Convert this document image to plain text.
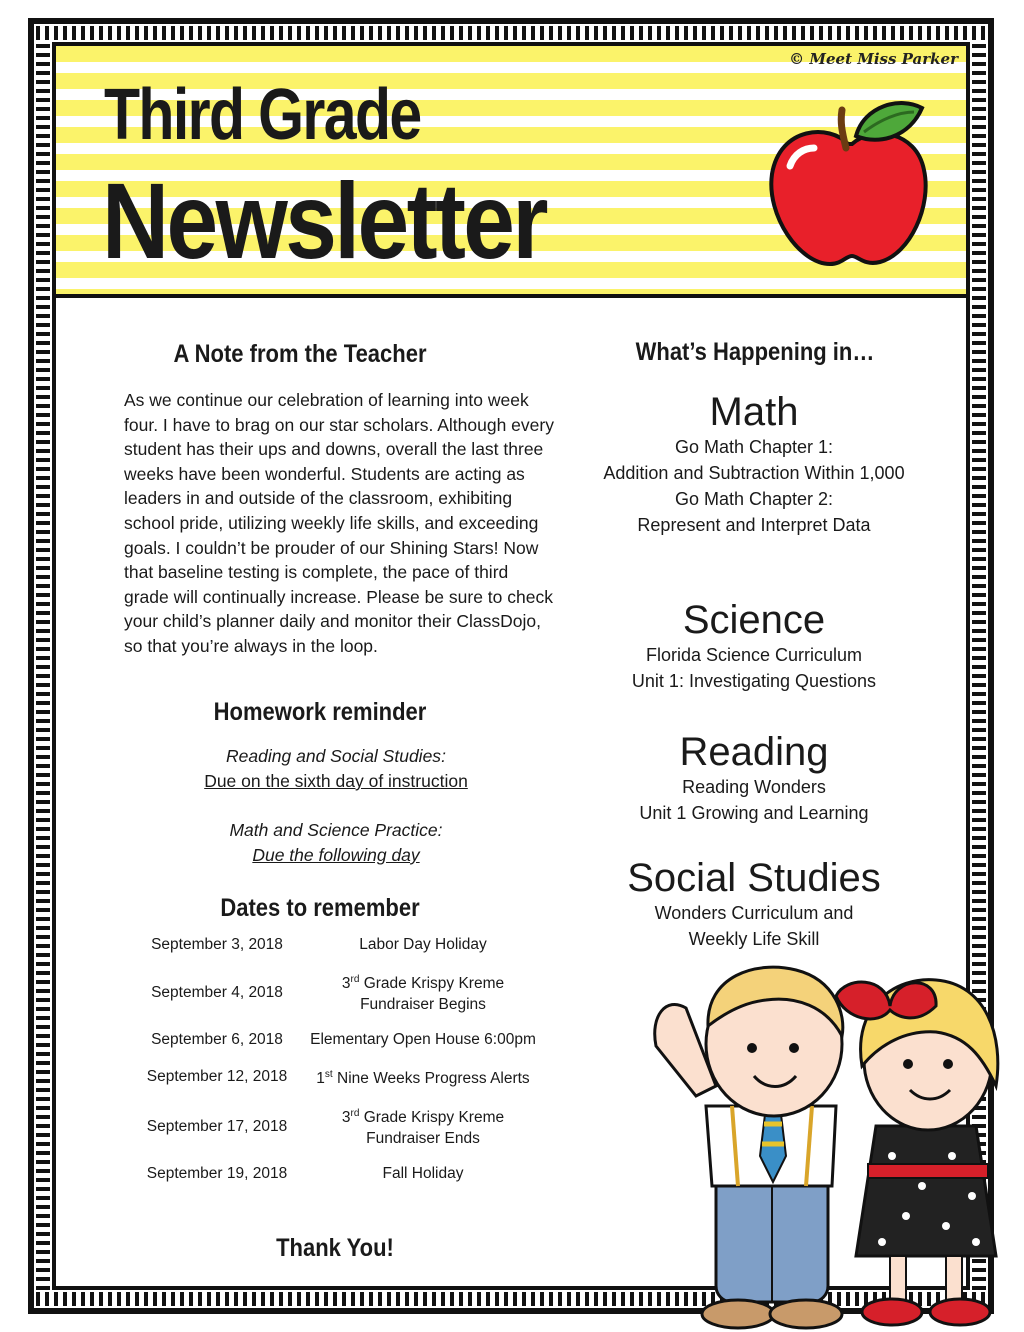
© Meet Miss Parker
Third Grade
Newsletter
A Note from the Teacher
As we continue our celebration of learning into week four. I have to brag on our star scholars. Although every student has their ups and downs, overall the last three weeks have been wonderful. Students are acting as leaders in and outside of the classroom, exhibiting school pride, utilizing weekly life skills, and exceeding goals. I couldn’t be prouder of our Shining Stars! Now that baseline testing is complete, the pace of third grade will continually increase. Please be sure to check your child’s planner daily and monitor their ClassDojo, so that you’re always in the loop.
Homework reminder
Reading and Social Studies:
Due on the sixth day of instruction
Math and Science Practice:
Due the following day
Dates to remember
September 3, 2018	Labor Day Holiday
September 4, 2018	3rd Grade Krispy Kreme Fundraiser Begins
September 6, 2018	Elementary Open House 6:00pm
September 12, 2018	1st Nine Weeks Progress Alerts
September 17, 2018	3rd Grade Krispy Kreme Fundraiser Ends
September 19, 2018	Fall Holiday
Thank You!
What’s Happening in…
Math
Go Math Chapter 1:
Addition and Subtraction Within 1,000
Go Math Chapter 2:
Represent and Interpret Data
Science
Florida Science Curriculum
Unit 1: Investigating Questions
Reading
Reading Wonders
Unit 1 Growing and Learning
Social Studies
Wonders Curriculum and Weekly Life Skill
